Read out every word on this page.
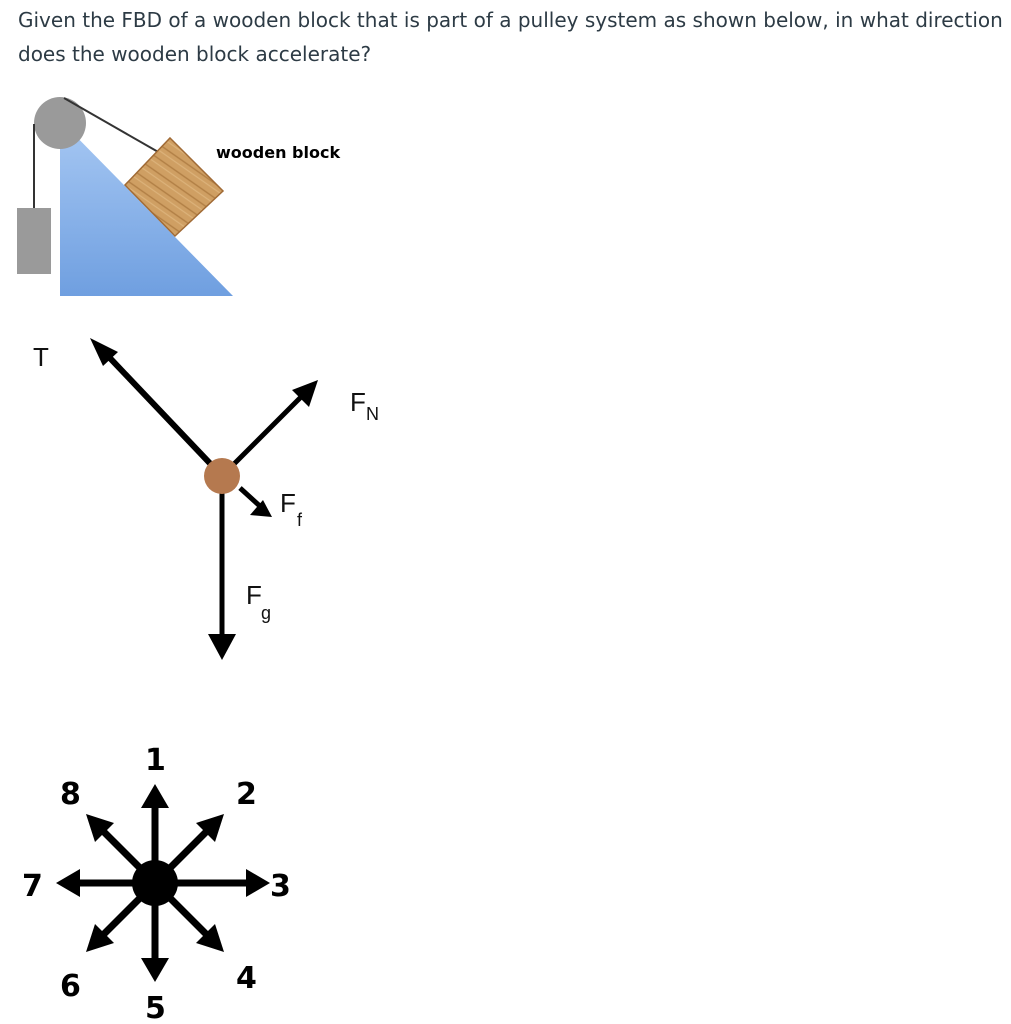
Given the FBD of a wooden block that is part of a pulley system as shown below, in what direction
does the wooden block accelerate?
wooden block
T
F N
F
f
F
g
1
2
3
4
5
6
7
8
